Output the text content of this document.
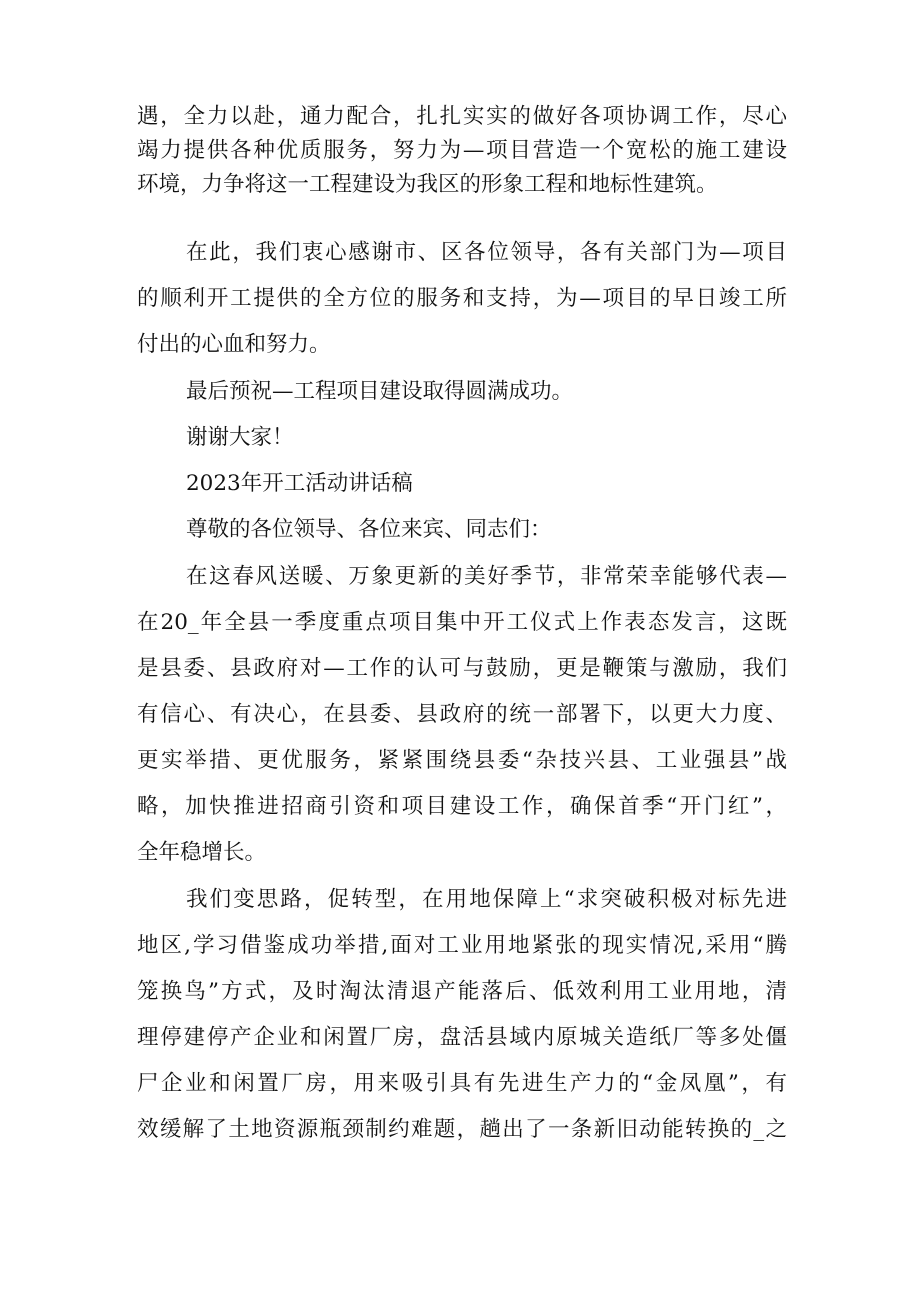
遇，全力以赴，通力配合，扎扎实实的做好各项协调工作，尽心
竭力提供各种优质服务，努力为—项目营造一个宽松的施工建设
环境，力争将这一工程建设为我区的形象工程和地标性建筑。
在此，我们衷心感谢市、区各位领导，各有关部门为—项目
的顺利开工提供的全方位的服务和支持，为—项目的早日竣工所
付出的心血和努力。
最后预祝—工程项目建设取得圆满成功。
谢谢大家！
2023年开工活动讲话稿
尊敬的各位领导、各位来宾、同志们：
在这春风送暖、万象更新的美好季节，非常荣幸能够代表—
在20_年全县一季度重点项目集中开工仪式上作表态发言，这既
是县委、县政府对—工作的认可与鼓励，更是鞭策与激励，我们
有信心、有决心，在县委、县政府的统一部署下，以更大力度、
更实举措、更优服务，紧紧围绕县委“杂技兴县、工业强县”战
略，加快推进招商引资和项目建设工作，确保首季“开门红”，
全年稳增长。
我们变思路，促转型，在用地保障上“求突破积极对标先进
地区,学习借鉴成功举措,面对工业用地紧张的现实情况,采用“腾
笼换鸟”方式，及时淘汰清退产能落后、低效利用工业用地，清
理停建停产企业和闲置厂房，盘活县域内原城关造纸厂等多处僵
尸企业和闲置厂房，用来吸引具有先进生产力的“金凤凰”，有
效缓解了土地资源瓶颈制约难题，趟出了一条新旧动能转换的_之
